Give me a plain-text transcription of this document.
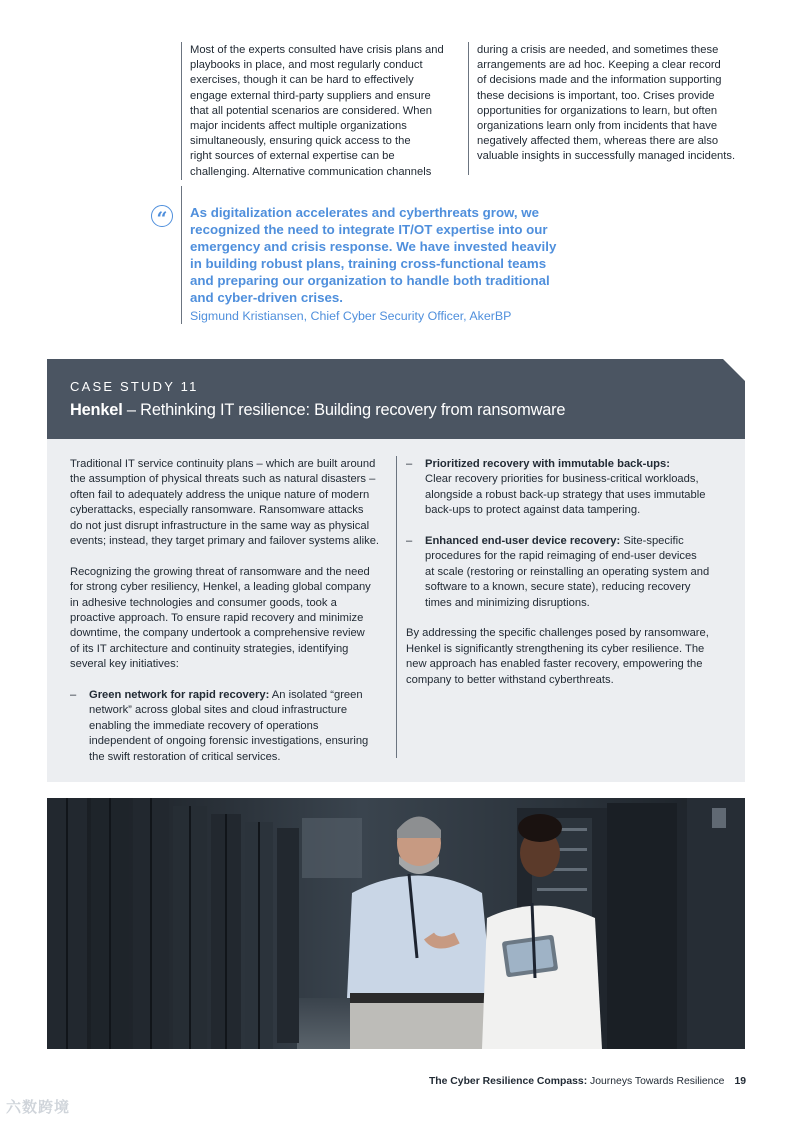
Most of the experts consulted have crisis plans and
playbooks in place, and most regularly conduct
exercises, though it can be hard to effectively
engage external third-party suppliers and ensure
that all potential scenarios are considered. When
major incidents affect multiple organizations
simultaneously, ensuring quick access to the
right sources of external expertise can be
challenging. Alternative communication channels
during a crisis are needed, and sometimes these
arrangements are ad hoc. Keeping a clear record
of decisions made and the information supporting
these decisions is important, too. Crises provide
opportunities for organizations to learn, but often
organizations learn only from incidents that have
negatively affected them, whereas there are also
valuable insights in successfully managed incidents.
“	As digitalization accelerates and cyberthreats grow, we
recognized the need to integrate IT/OT expertise into our
emergency and crisis response. We have invested heavily
in building robust plans, training cross-functional teams
and preparing our organization to handle both traditional
and cyber-driven crises.
Sigmund Kristiansen, Chief Cyber Security Officer, AkerBP
CASE STUDY 11
Henkel – Rethinking IT resilience: Building recovery from ransomware

Traditional IT service continuity plans – which are built around
the assumption of physical threats such as natural disasters –
often fail to adequately address the unique nature of modern
cyberattacks, especially ransomware. Ransomware attacks
do not just disrupt infrastructure in the same way as physical
events; instead, they target primary and failover systems alike.

Recognizing the growing threat of ransomware and the need
for strong cyber resiliency, Henkel, a leading global company
in adhesive technologies and consumer goods, took a
proactive approach. To ensure rapid recovery and minimize
downtime, the company undertook a comprehensive review
of its IT architecture and continuity strategies, identifying
several key initiatives:

– Green network for rapid recovery: An isolated “green
network” across global sites and cloud infrastructure
enabling the immediate recovery of operations
independent of ongoing forensic investigations, ensuring
the swift restoration of critical services.
– Prioritized recovery with immutable back-ups:
Clear recovery priorities for business-critical workloads,
alongside a robust back-up strategy that uses immutable
back-ups to protect against data tampering.
– Enhanced end-user device recovery: Site-specific
procedures for the rapid reimaging of end-user devices
at scale (restoring or reinstalling an operating system and
software to a known, secure state), reducing recovery
times and minimizing disruptions.

By addressing the specific challenges posed by ransomware,
Henkel is significantly strengthening its cyber resilience. The
new approach has enabled faster recovery, empowering the
company to better withstand cyberthreats.

The Cyber Resilience Compass: Journeys Towards Resilience 19
六数跨境
